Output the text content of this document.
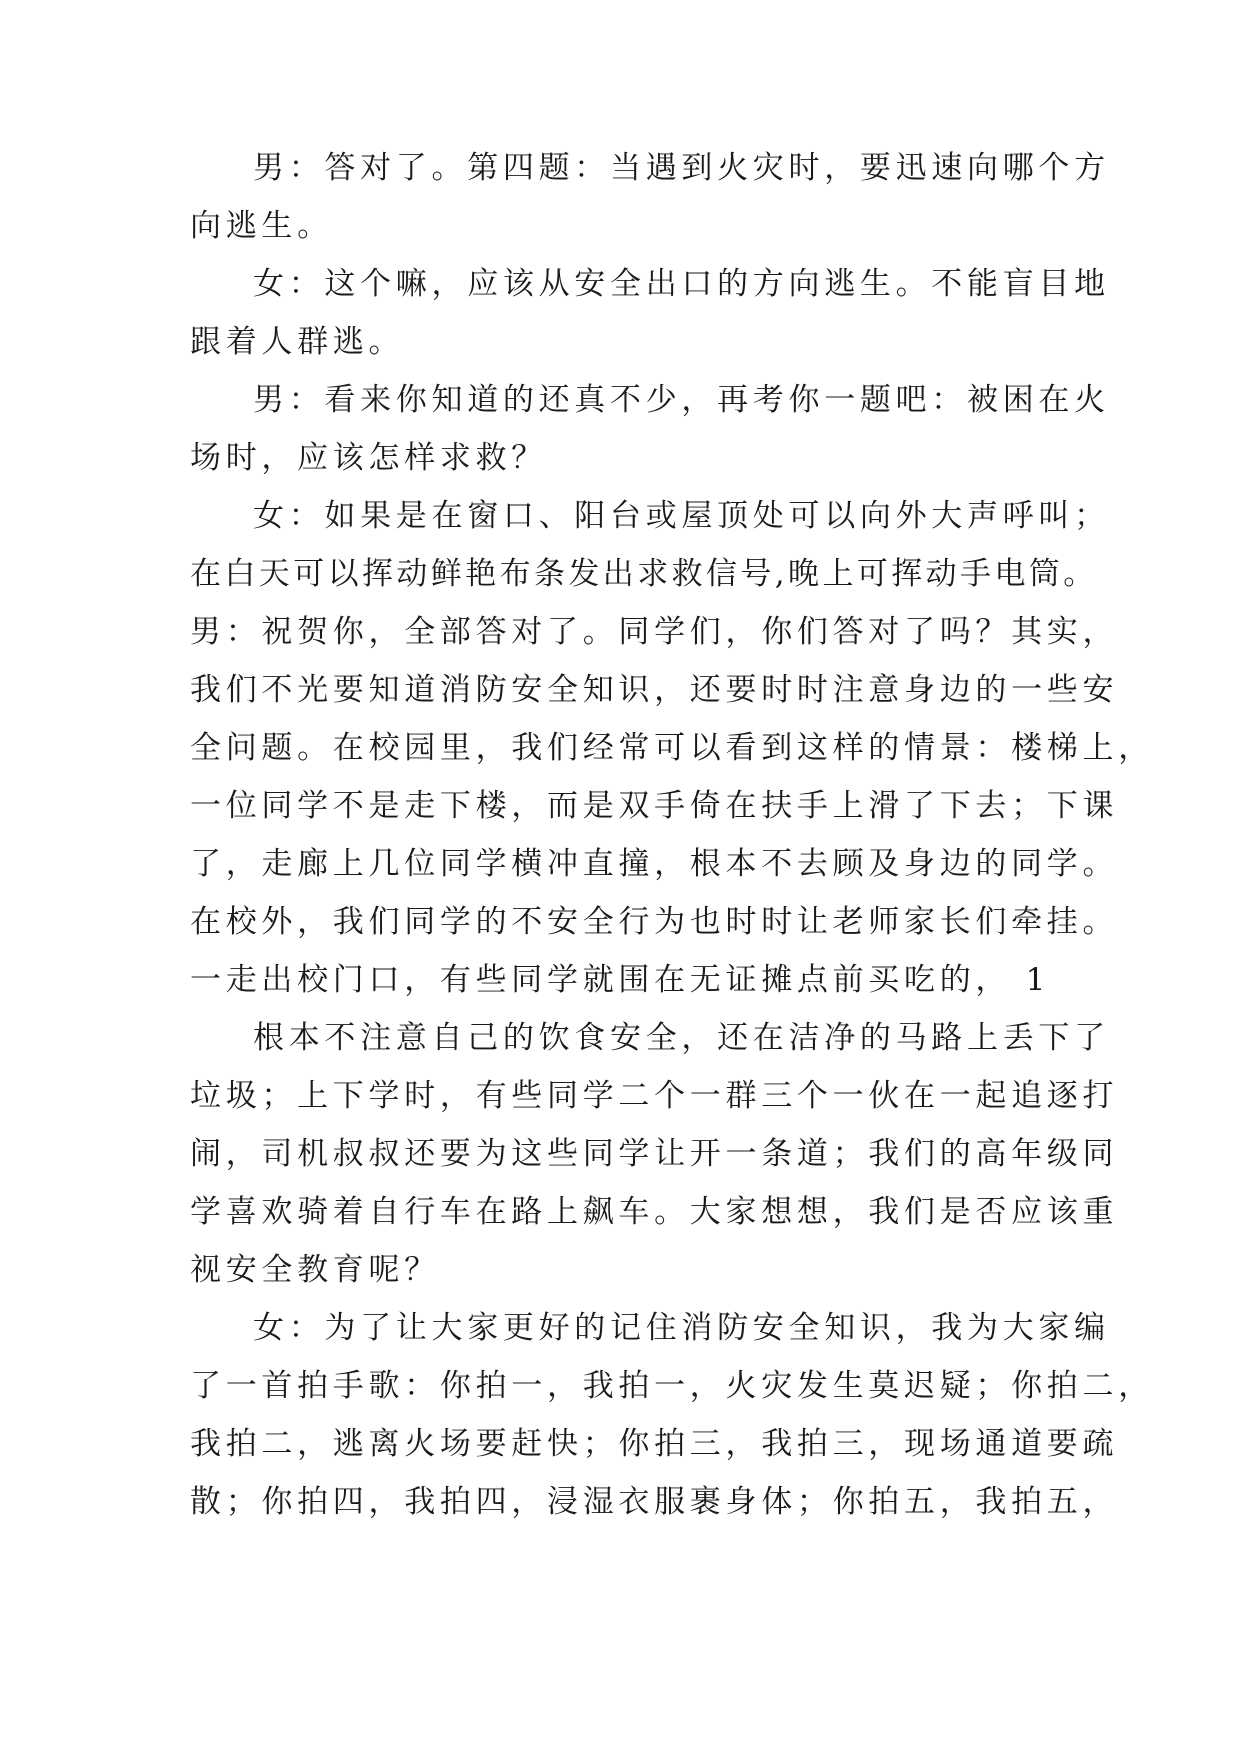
男：答对了。第四题：当遇到火灾时，要迅速向哪个方
向逃生。
女：这个嘛，应该从安全出口的方向逃生。不能盲目地
跟着人群逃。
男：看来你知道的还真不少，再考你一题吧：被困在火
场时，应该怎样求救？
女：如果是在窗口、阳台或屋顶处可以向外大声呼叫；
在白天可以挥动鲜艳布条发出求救信号,晚上可挥动手电筒。
男：祝贺你，全部答对了。同学们，你们答对了吗？其实，
我们不光要知道消防安全知识，还要时时注意身边的一些安
全问题。在校园里，我们经常可以看到这样的情景：楼梯上，
一位同学不是走下楼，而是双手倚在扶手上滑了下去；下课
了，走廊上几位同学横冲直撞，根本不去顾及身边的同学。
在校外，我们同学的不安全行为也时时让老师家长们牵挂。
一走出校门口，有些同学就围在无证摊点前买吃的， 1
根本不注意自己的饮食安全，还在洁净的马路上丢下了
垃圾；上下学时，有些同学二个一群三个一伙在一起追逐打
闹，司机叔叔还要为这些同学让开一条道；我们的高年级同
学喜欢骑着自行车在路上飙车。大家想想，我们是否应该重
视安全教育呢？
女：为了让大家更好的记住消防安全知识，我为大家编
了一首拍手歌：你拍一，我拍一，火灾发生莫迟疑；你拍二，
我拍二，逃离火场要赶快；你拍三，我拍三，现场通道要疏
散；你拍四，我拍四，浸湿衣服裹身体；你拍五，我拍五，
